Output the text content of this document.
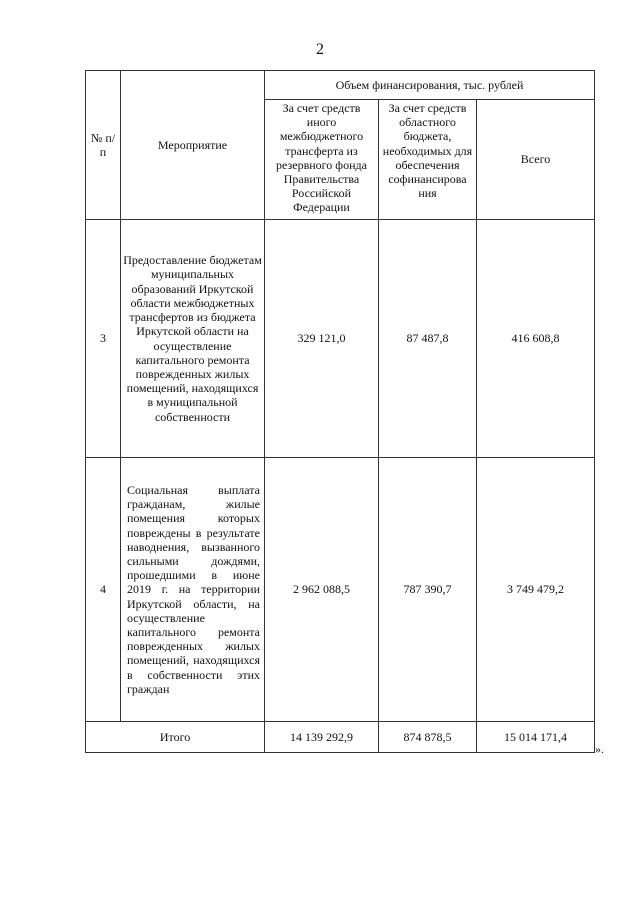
2
№ п/п	Мероприятие	Объем финансирования, тыс. рублей		
		За счет средств иного межбюджетного трансферта из резервного фонда Правительства Российской Федерации	За счет средств областного бюджета, необходимых для обеспечения софинансирова ния	Всего
3	Предоставление бюджетам муниципальных образований Иркутской области межбюджетных трансфертов из бюджета Иркутской области на осуществление капитального ремонта поврежденных жилых помещений, находящихся в муниципальной собственности	329 121,0	87 487,8	416 608,8
4	Социальная выплата гражданам, жилые помещения которых повреждены в результате наводнения, вызванного сильными дождями, прошедшими в июне 2019 г. на территории Иркутской области, на осуществление капитального ремонта поврежденных жилых помещений, находящихся в собственности этих граждан	2 962 088,5	787 390,7	3 749 479,2
Итого		14 139 292,9	874 878,5	15 014 171,4
».
